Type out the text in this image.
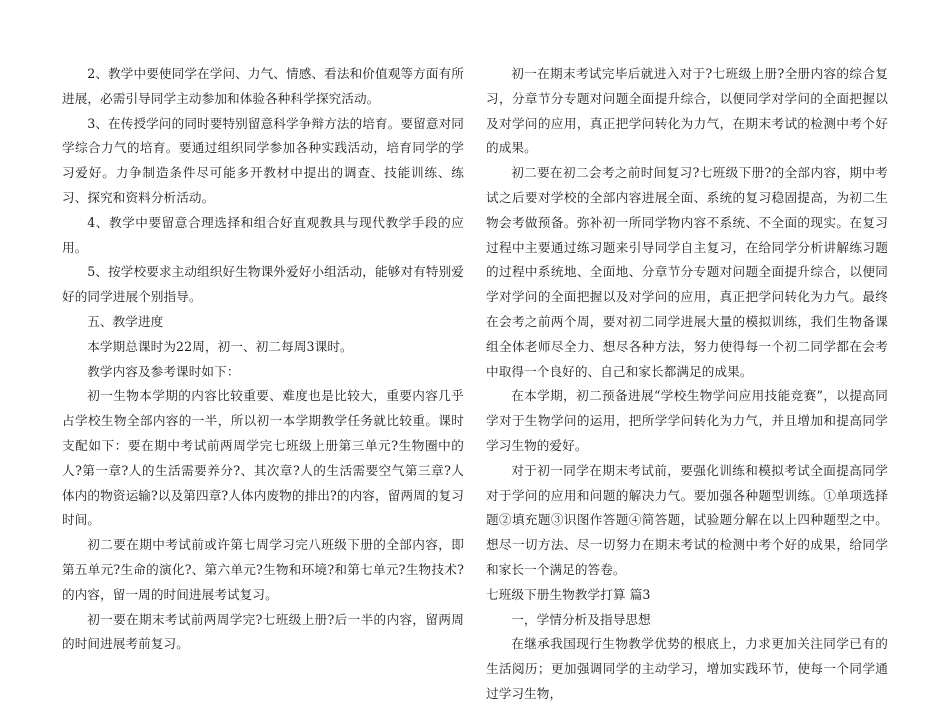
2、教学中要使同学在学问、力气、情感、看法和价值观等方面有所进展，必需引导同学主动参加和体验各种科学探究活动。

3、在传授学问的同时要特别留意科学争辩方法的培育。要留意对同学综合力气的培育。要通过组织同学参加各种实践活动，培育同学的学习爱好。力争制造条件尽可能多开教材中提出的调查、技能训练、练习、探究和资料分析活动。

4、教学中要留意合理选择和组合好直观教具与现代教学手段的应用。

5、按学校要求主动组织好生物课外爱好小组活动，能够对有特别爱好的同学进展个别指导。

五、教学进度

本学期总课时为22周，初一、初二每周3课时。

教学内容及参考课时如下：

初一生物本学期的内容比较重要、难度也是比较大，重要内容几乎占学校生物全部内容的一半，所以初一本学期教学任务就比较重。课时支配如下：要在期中考试前两周学完七班级上册第三单元?生物圈中的人?第一章?人的生活需要养分?、其次章?人的生活需要空气第三章?人体内的物资运输?以及第四章?人体内废物的排出?的内容，留两周的复习时间。

初二要在期中考试前或许第七周学习完八班级下册的全部内容，即第五单元?生命的演化?、第六单元?生物和环境?和第七单元?生物技术?的内容，留一周的时间进展考试复习。

初一要在期末考试前两周学完?七班级上册?后一半的内容，留两周的时间进展考前复习。

初一在期末考试完毕后就进入对于?七班级上册?全册内容的综合复习，分章节分专题对问题全面提升综合，以便同学对学问的全面把握以及对学问的应用，真正把学问转化为力气，在期末考试的检测中考个好的成果。

初二要在初二会考之前时间复习?七班级下册?的全部内容，期中考试之后要对学校的全部内容进展全面、系统的复习稳固提高，为初二生物会考做预备。弥补初一所同学物内容不系统、不全面的现实。在复习过程中主要通过练习题来引导同学自主复习，在给同学分析讲解练习题的过程中系统地、全面地、分章节分专题对问题全面提升综合，以便同学对学问的全面把握以及对学问的应用，真正把学问转化为力气。最终在会考之前两个周，要对初二同学进展大量的模拟训练，我们生物备课组全体老师尽全力、想尽各种方法，努力使得每一个初二同学都在会考中取得一个良好的、自己和家长都满足的成果。

在本学期，初二预备进展“学校生物学问应用技能竞赛”，以提高同学对于生物学问的运用，把所学学问转化为力气，并且增加和提高同学学习生物的爱好。

对于初一同学在期末考试前，要强化训练和模拟考试全面提高同学对于学问的应用和问题的解决力气。要加强各种题型训练。①单项选择题②填充题③识图作答题④简答题，试验题分解在以上四种题型之中。想尽一切方法、尽一切努力在期末考试的检测中考个好的成果，给同学和家长一个满足的答卷。

七班级下册生物教学打算 篇3

一，学情分析及指导思想

在继承我国现行生物教学优势的根底上，力求更加关注同学已有的生活阅历；更加强调同学的主动学习，增加实践环节，使每一个同学通过学习生物，
